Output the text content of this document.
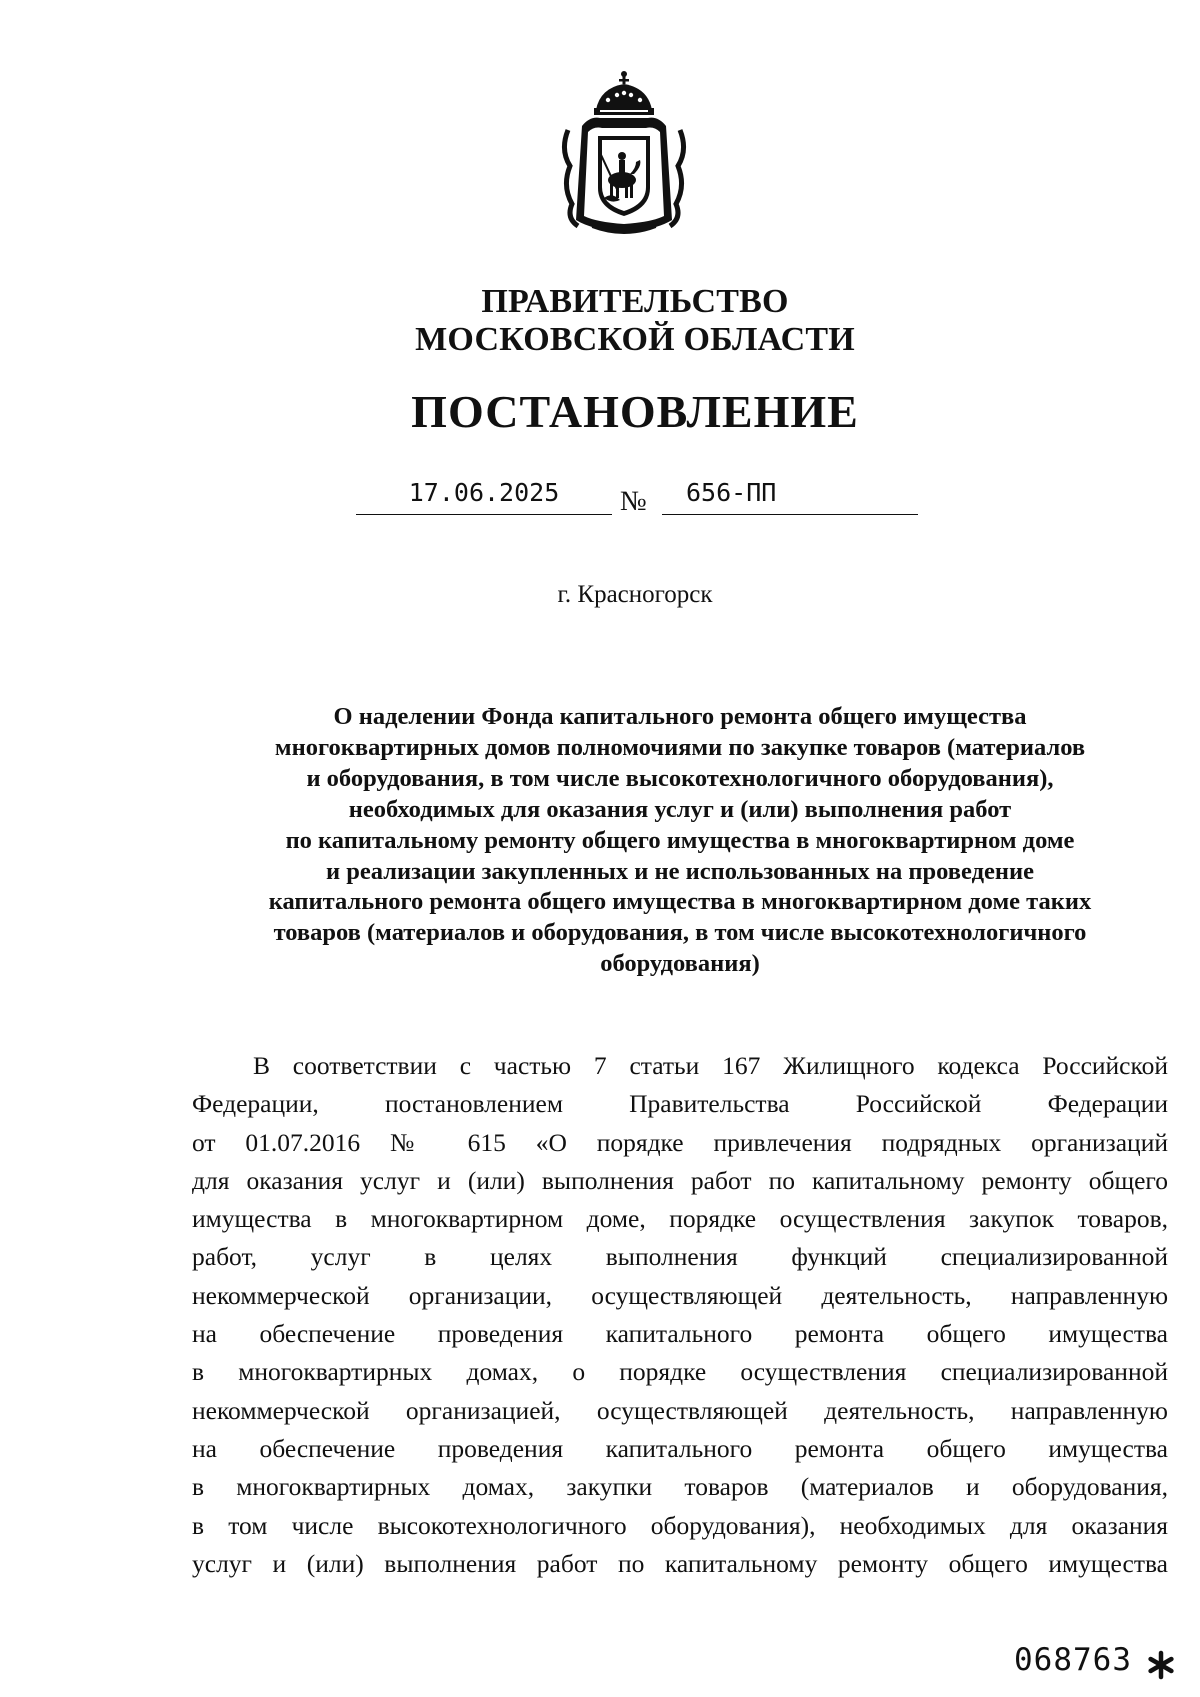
ПРАВИТЕЛЬСТВО
МОСКОВСКОЙ ОБЛАСТИ
ПОСТАНОВЛЕНИЕ
17.06.2025	№	656-ПП
г. Красногорск
О наделении Фонда капитального ремонта общего имущества
многоквартирных домов полномочиями по закупке товаров (материалов
и оборудования, в том числе высокотехнологичного оборудования),
необходимых для оказания услуг и (или) выполнения работ
по капитальному ремонту общего имущества в многоквартирном доме
и реализации закупленных и не использованных на проведение
капитального ремонта общего имущества в многоквартирном доме таких
товаров (материалов и оборудования, в том числе высокотехнологичного
оборудования)
В соответствии с частью 7 статьи 167 Жилищного кодекса Российской
Федерации, постановлением Правительства Российской Федерации
от 01.07.2016 № 615 «О порядке привлечения подрядных организаций
для оказания услуг и (или) выполнения работ по капитальному ремонту общего
имущества в многоквартирном доме, порядке осуществления закупок товаров,
работ, услуг в целях выполнения функций специализированной
некоммерческой организации, осуществляющей деятельность, направленную
на обеспечение проведения капитального ремонта общего имущества
в многоквартирных домах, о порядке осуществления специализированной
некоммерческой организацией, осуществляющей деятельность, направленную
на обеспечение проведения капитального ремонта общего имущества
в многоквартирных домах, закупки товаров (материалов и оборудования,
в том числе высокотехнологичного оборудования), необходимых для оказания
услуг и (или) выполнения работ по капитальному ремонту общего имущества
068763
